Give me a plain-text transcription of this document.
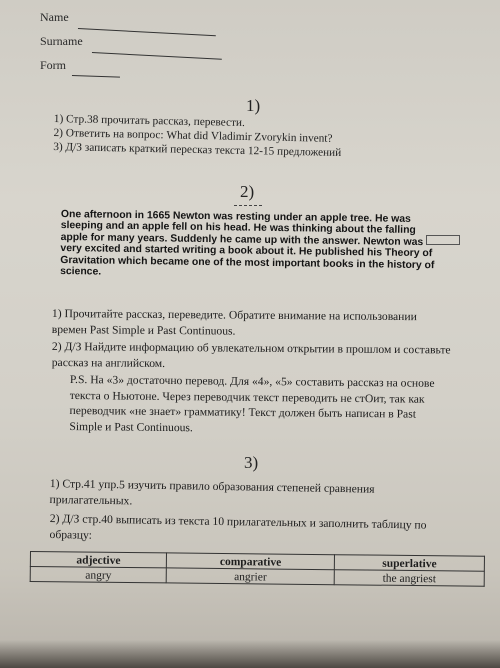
Name
Surname
Form
1)
1) Стр.38 прочитать рассказ, перевести.
2) Ответить на вопрос: What did Vladimir Zvorykin invent?
3) Д/З записать краткий пересказ текста 12-15 предложений
2)
One afternoon in 1665 Newton was resting under an apple tree. He was sleeping and an apple fell on his head. He was thinking about the falling apple for many years. Suddenly he came up with the answer. Newton was very excited and started writing a book about it. He published his Theory of Gravitation which became one of the most important books in the history of science.
1) Прочитайте рассказ, переведите. Обратите внимание на использовании времен Past Simple и Past Continuous.
2) Д/З Найдите информацию об увлекательном открытии в прошлом и составьте рассказ на английском.
P.S. На «3» достаточно перевод. Для «4», «5» составить рассказ на основе текста о Ньютоне. Через переводчик текст переводить не стОит, так как переводчик «не знает» грамматику! Текст должен быть написан в Past Simple и Past Continuous.
3)
1) Стр.41 упр.5 изучить правило образования степеней сравнения прилагательных.
2) Д/З стр.40 выписать из текста 10 прилагательных и заполнить таблицу по образцу:
adjective	comparative	superlative
angry	angrier	the angriest
